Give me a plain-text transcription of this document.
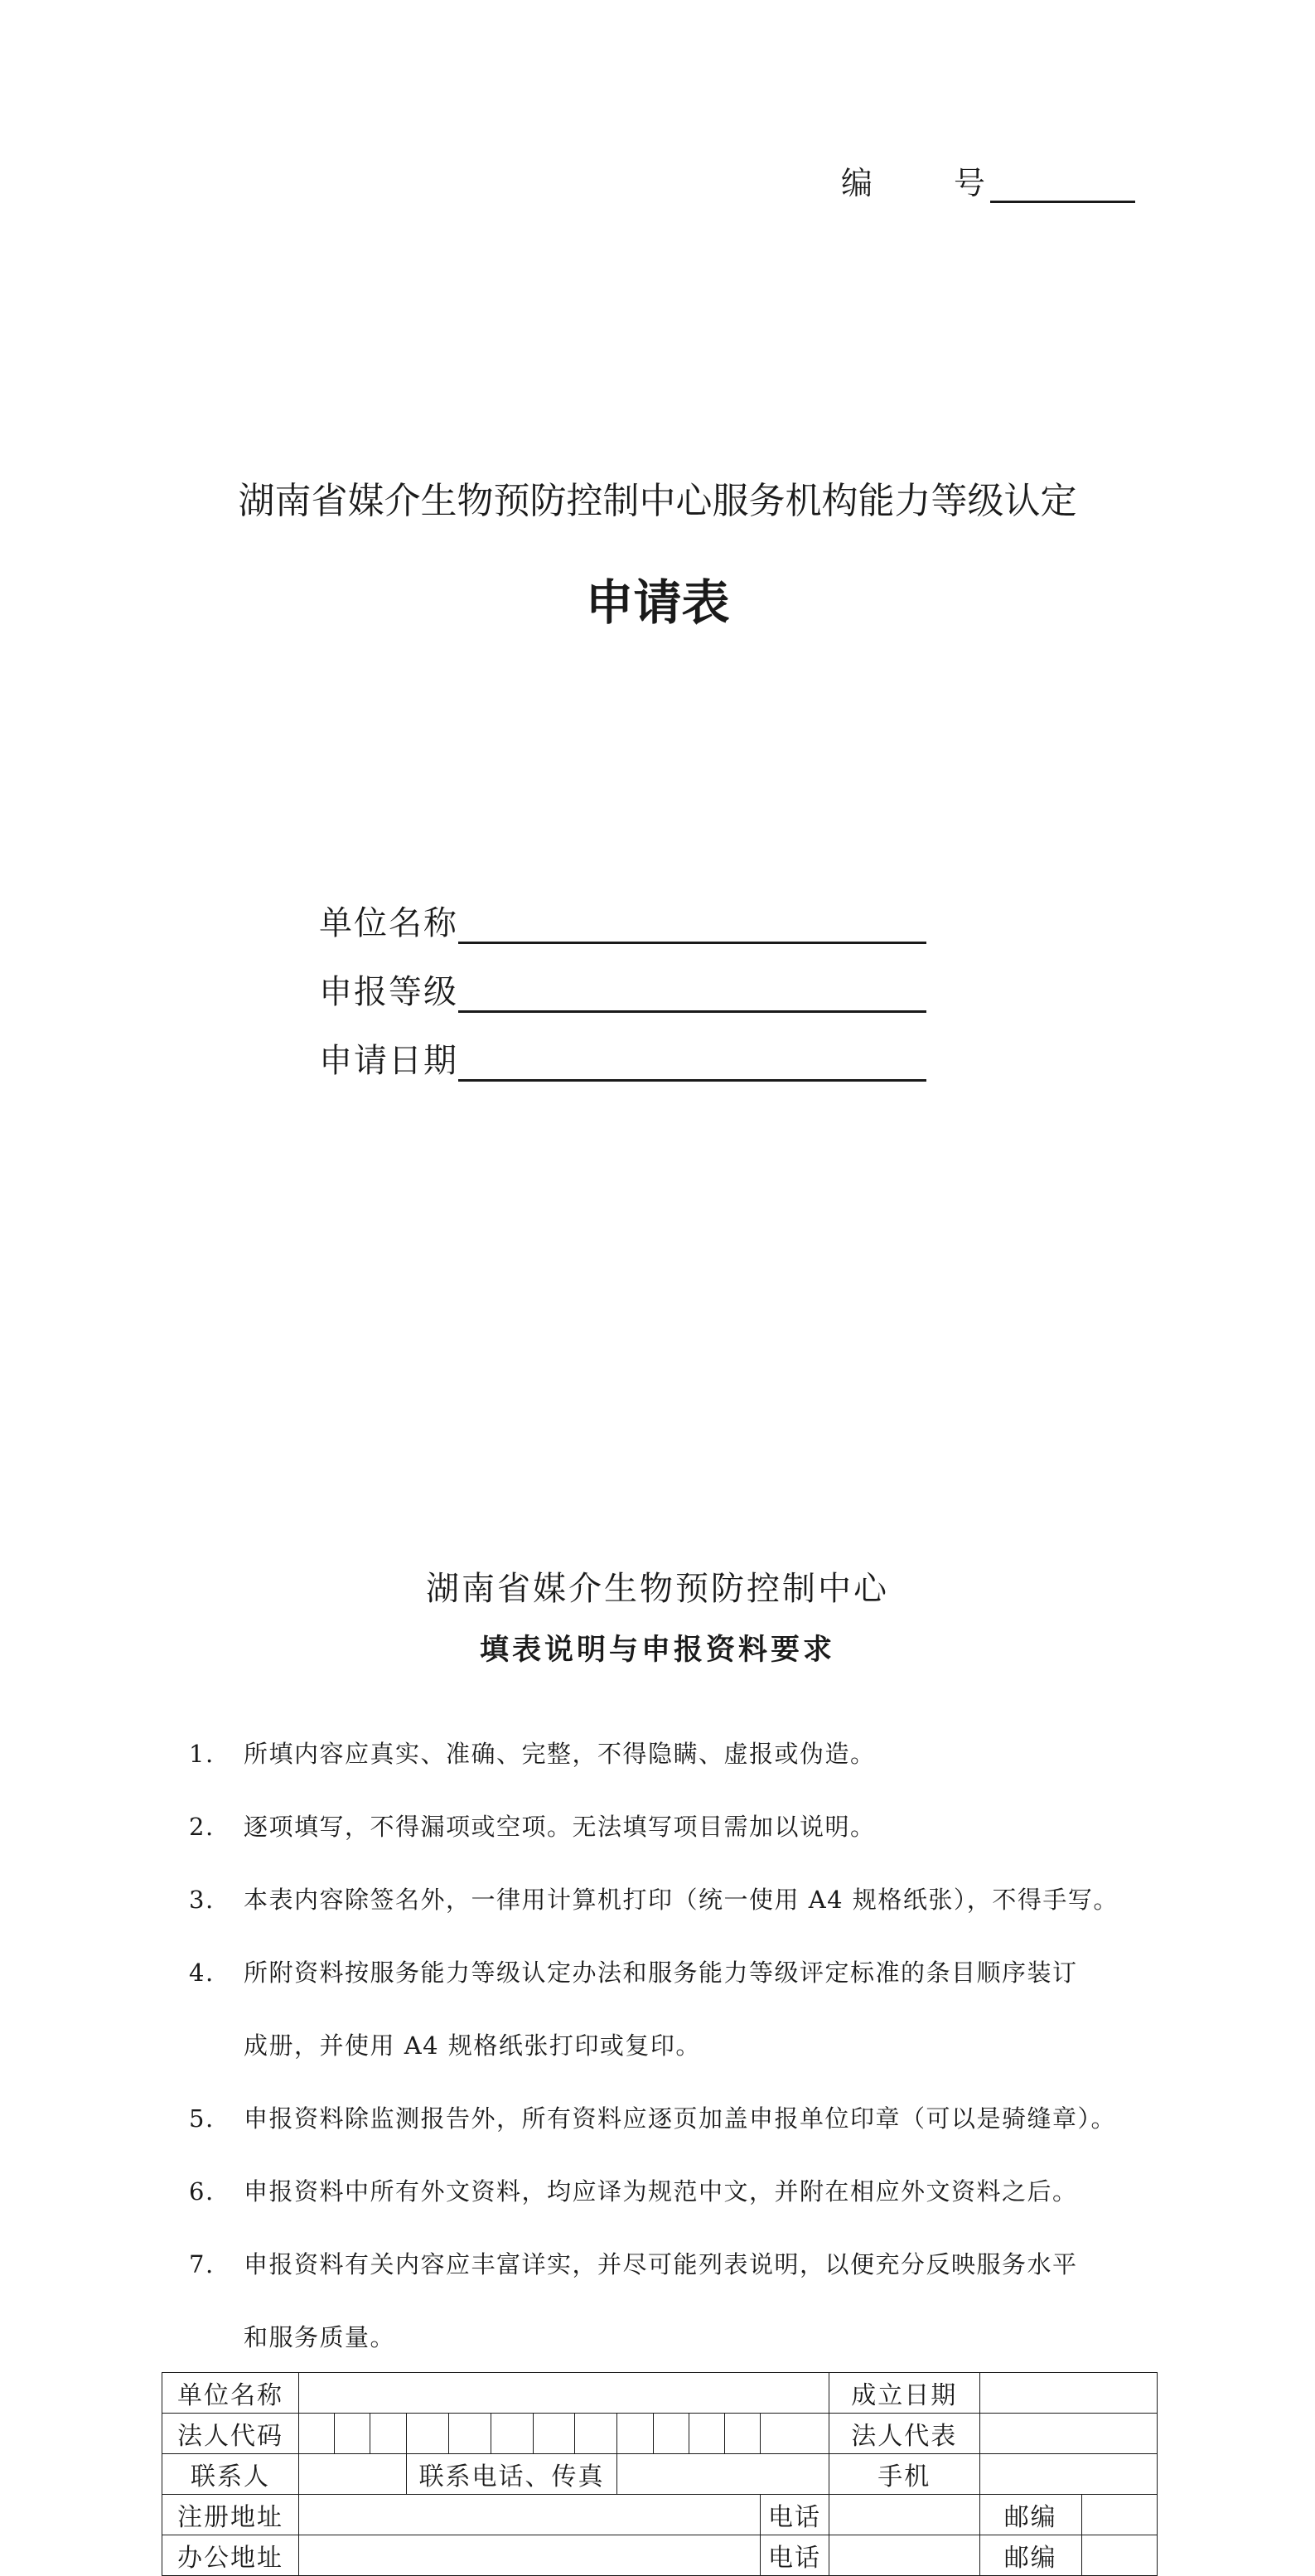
编	号
湖南省媒介生物预防控制中心服务机构能力等级认定
申请表
单位名称
申报等级
申请日期
湖南省媒介生物预防控制中心
填表说明与申报资料要求
1. 所填内容应真实、准确、完整，不得隐瞒、虚报或伪造。
2. 逐项填写，不得漏项或空项。无法填写项目需加以说明。
3. 本表内容除签名外，一律用计算机打印（统一使用 A4 规格纸张），不得手写。
4. 所附资料按服务能力等级认定办法和服务能力等级评定标准的条目顺序装订
成册，并使用 A4 规格纸张打印或复印。
5. 申报资料除监测报告外，所有资料应逐页加盖申报单位印章（可以是骑缝章）。
6. 申报资料中所有外文资料，均应译为规范中文，并附在相应外文资料之后。
7. 申报资料有关内容应丰富详实，并尽可能列表说明，以便充分反映服务水平
和服务质量。
单位名称														成立日期		
法人代码														法人代表		
联系人				联系电话、传真										手机		
注册地址													电话		邮编	
办公地址													电话		邮编	
